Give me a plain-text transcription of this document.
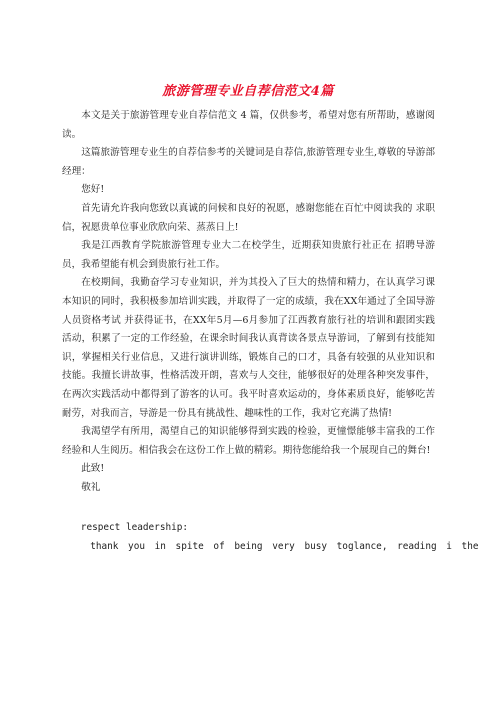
旅游管理专业自荐信范文4篇

本文是关于旅游管理专业自荐信范文 4 篇，仅供参考，希望对您有所帮助，感谢阅读。

这篇旅游管理专业生的自荐信参考的关键词是自荐信,旅游管理专业生,尊敬的导游部经理：

您好!

首先请允许我向您致以真诚的问候和良好的祝愿，感谢您能在百忙中阅读我的 求职 信，祝愿贵单位事业欣欣向荣、蒸蒸日上!

我是江西教育学院旅游管理专业大二在校学生，近期获知贵旅行社正在 招聘导游员，我希望能有机会到贵旅行社工作。

在校期间，我勤奋学习专业知识，并为其投入了巨大的热情和精力，在认真学习课本知识的同时，我积极参加培训实践，并取得了一定的成绩，我在XX年通过了全国导游人员资格考试 并获得证书，在XX年5月—6月参加了江西教育旅行社的培训和跟团实践活动，积累了一定的工作经验，在课余时间我认真背读各景点导游词，了解到有技能知识，掌握相关行业信息，又进行演讲训练，锻炼自己的口才，具备有较强的从业知识和技能。我擅长讲故事，性格活泼开朗，喜欢与人交往，能够很好的处理各种突发事件，在两次实践活动中都得到了游客的认可。我平时喜欢运动的，身体素质良好，能够吃苦耐劳，对我而言，导游是一份具有挑战性、趣味性的工作，我对它充满了热情!

我渴望学有所用，渴望自己的知识能够得到实践的检验，更憧憬能够丰富我的工作经验和人生阅历。相信我会在这份工作上做的精彩。期待您能给我一个展现自己的舞台!

此致!

敬礼

respect leadership:

thank you in spite of being very busy toglance, reading i the
